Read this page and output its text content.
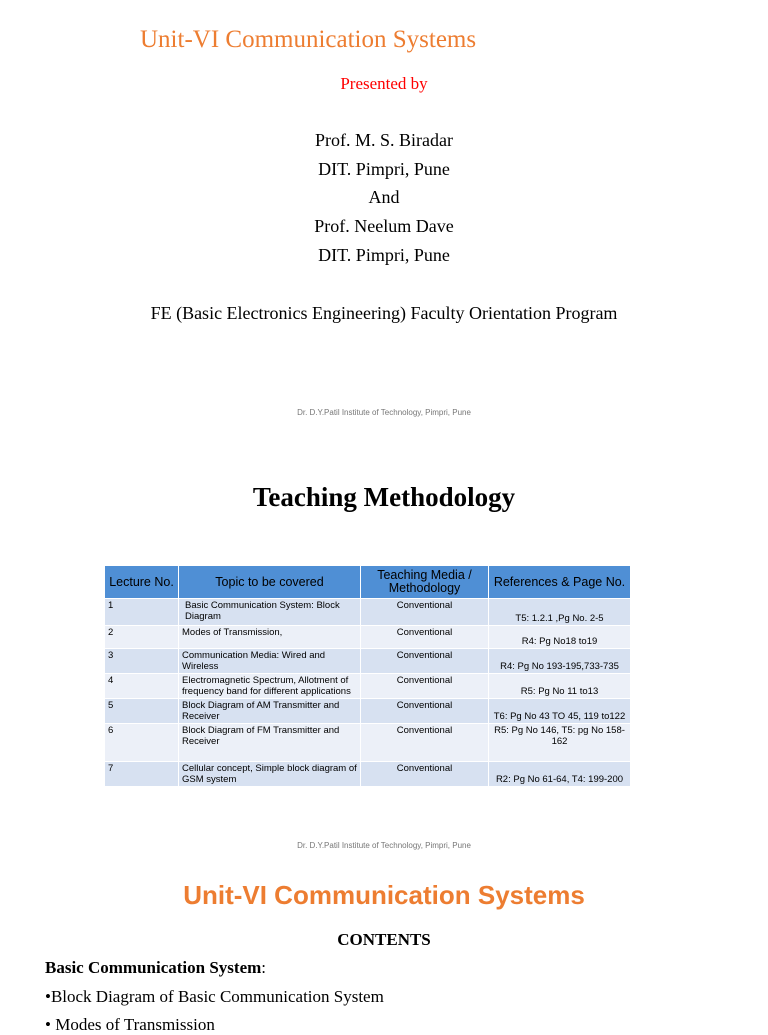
Unit-VI Communication Systems
Presented by
Prof. M. S. Biradar
DIT. Pimpri, Pune
And
Prof. Neelum Dave
DIT. Pimpri, Pune
FE (Basic Electronics Engineering) Faculty Orientation Program
Dr. D.Y.Patil Institute of Technology, Pimpri, Pune
Teaching Methodology
Lecture No.	Topic to be covered	Teaching Media / Methodology	References & Page No.
1	Basic Communication System: Block Diagram	Conventional	T5: 1.2.1 ,Pg No. 2-5
2	Modes of Transmission,	Conventional	R4: Pg No18 to19
3	Communication Media: Wired and Wireless	Conventional	R4: Pg No 193-195,733-735
4	Electromagnetic Spectrum, Allotment of frequency band for different applications	Conventional	R5: Pg No 11 to13
5	Block Diagram of AM Transmitter and Receiver	Conventional	T6: Pg No 43 TO 45, 119 to122
6	Block Diagram of FM Transmitter and Receiver	Conventional	R5: Pg No 146, T5: pg No 158-162
7	Cellular concept, Simple block diagram of GSM system	Conventional	R2: Pg No 61-64, T4: 199-200
Dr. D.Y.Patil Institute of Technology, Pimpri, Pune
Unit-VI Communication Systems
CONTENTS
Basic Communication System:
•Block Diagram of Basic Communication System
• Modes of Transmission
